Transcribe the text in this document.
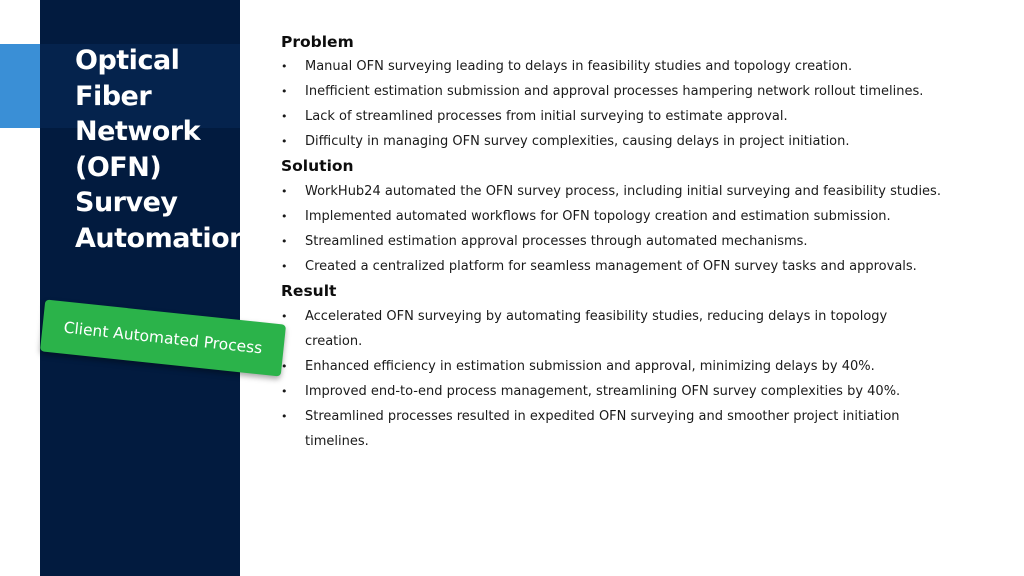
Optical
Fiber
Network
(OFN)
Survey
Automation
Client Automated Process
Problem
• Manual OFN surveying leading to delays in feasibility studies and topology creation.
• Inefficient estimation submission and approval processes hampering network rollout timelines.
• Lack of streamlined processes from initial surveying to estimate approval.
• Difficulty in managing OFN survey complexities, causing delays in project initiation.
Solution
• WorkHub24 automated the OFN survey process, including initial surveying and feasibility studies.
• Implemented automated workflows for OFN topology creation and estimation submission.
• Streamlined estimation approval processes through automated mechanisms.
• Created a centralized platform for seamless management of OFN survey tasks and approvals.
Result
• Accelerated OFN surveying by automating feasibility studies, reducing delays in topology creation.
• Enhanced efficiency in estimation submission and approval, minimizing delays by 40%.
• Improved end-to-end process management, streamlining OFN survey complexities by 40%.
• Streamlined processes resulted in expedited OFN surveying and smoother project initiation timelines.
